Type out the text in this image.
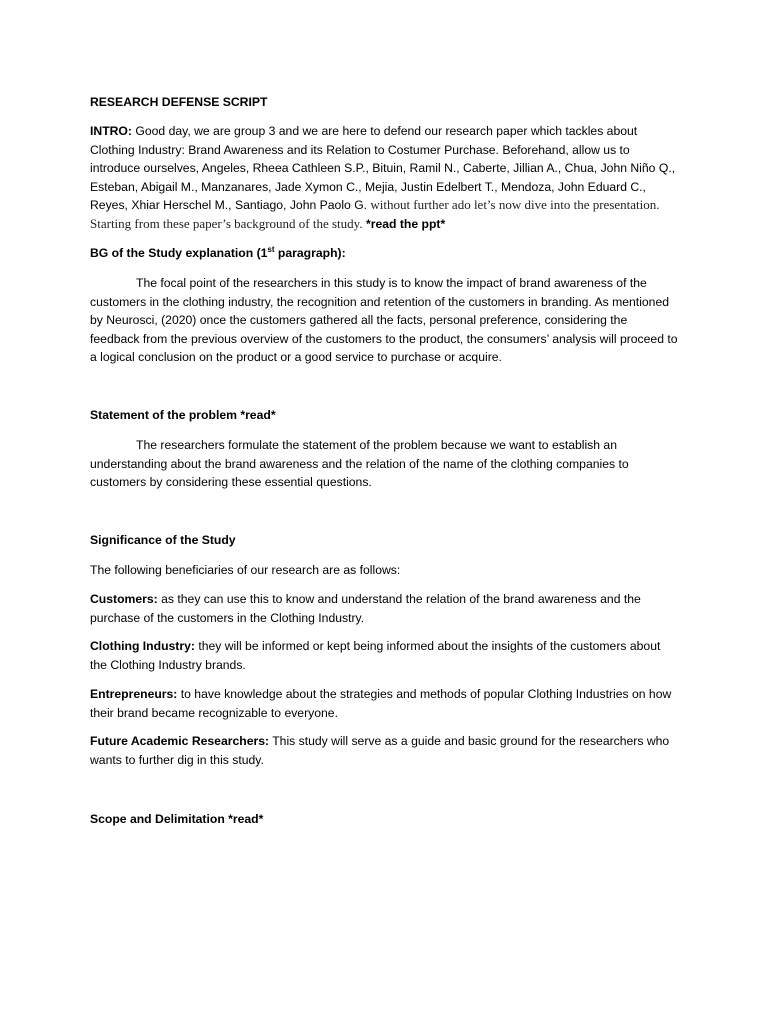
RESEARCH DEFENSE SCRIPT

INTRO: Good day, we are group 3 and we are here to defend our research paper which tackles about Clothing Industry: Brand Awareness and its Relation to Costumer Purchase. Beforehand, allow us to introduce ourselves, Angeles, Rheea Cathleen S.P., Bituin, Ramil N., Caberte, Jillian A., Chua, John Niño Q., Esteban, Abigail M., Manzanares, Jade Xymon C., Mejia, Justin Edelbert T., Mendoza, John Eduard C., Reyes, Xhiar Herschel M., Santiago, John Paolo G. without further ado let’s now dive into the presentation. Starting from these paper’s background of the study. *read the ppt*

BG of the Study explanation (1st paragraph):

The focal point of the researchers in this study is to know the impact of brand awareness of the customers in the clothing industry, the recognition and retention of the customers in branding. As mentioned by Neurosci, (2020) once the customers gathered all the facts, personal preference, considering the feedback from the previous overview of the customers to the product, the consumers’ analysis will proceed to a logical conclusion on the product or a good service to purchase or acquire.

Statement of the problem *read*

The researchers formulate the statement of the problem because we want to establish an understanding about the brand awareness and the relation of the name of the clothing companies to customers by considering these essential questions.

Significance of the Study

The following beneficiaries of our research are as follows:

Customers: as they can use this to know and understand the relation of the brand awareness and the purchase of the customers in the Clothing Industry.

Clothing Industry: they will be informed or kept being informed about the insights of the customers about the Clothing Industry brands.

Entrepreneurs: to have knowledge about the strategies and methods of popular Clothing Industries on how their brand became recognizable to everyone.

Future Academic Researchers: This study will serve as a guide and basic ground for the researchers who wants to further dig in this study.

Scope and Delimitation *read*
